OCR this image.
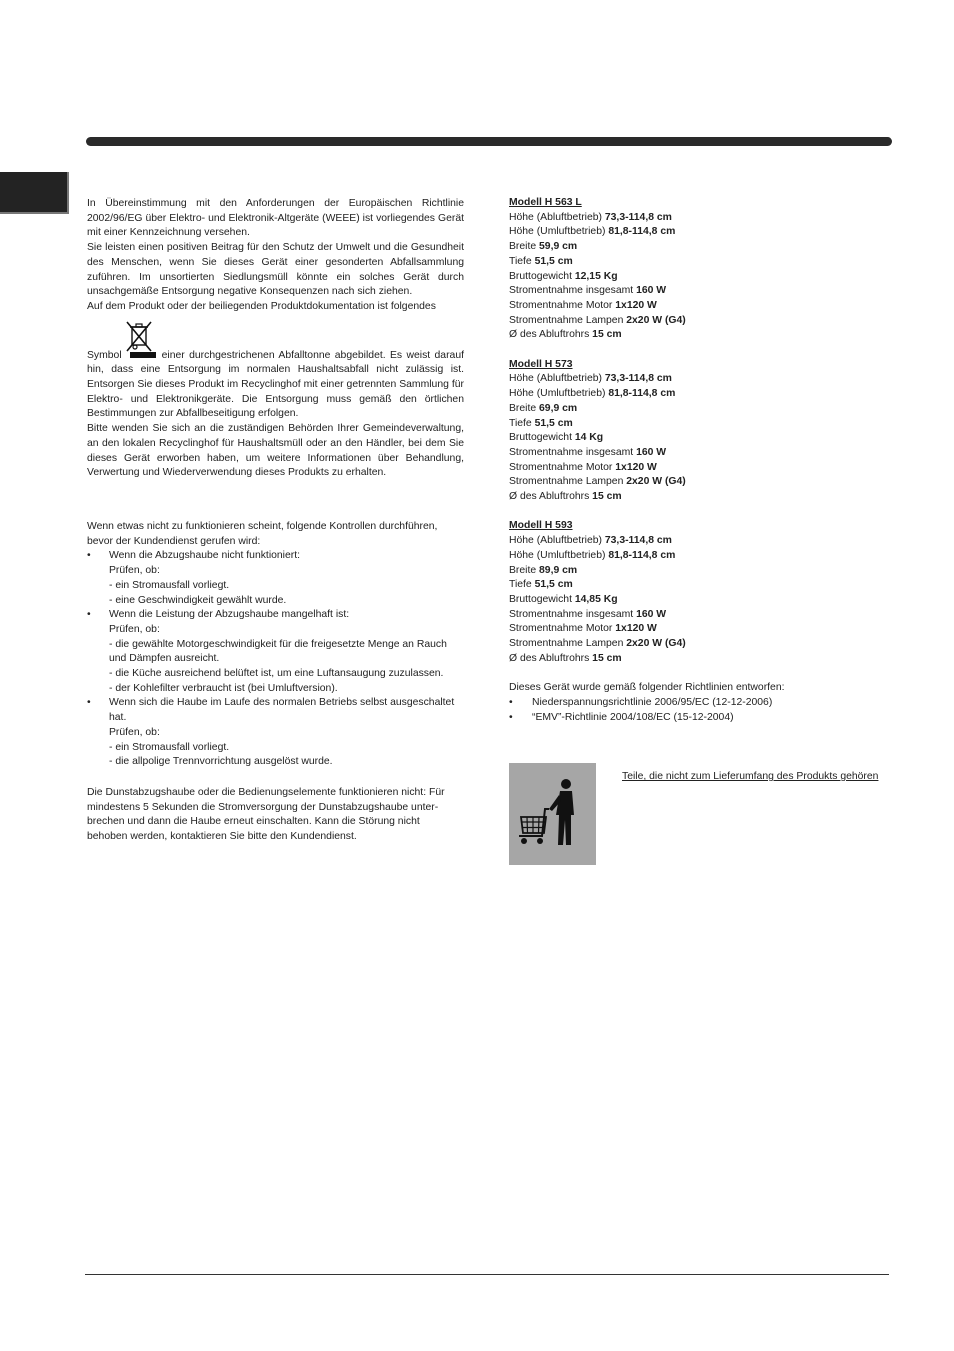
In Übereinstimmung mit den Anforderungen der Europäischen Richtlinie 2002/96/EG über Elektro- und Elektronik-Altgeräte (WEEE) ist vorliegendes Gerät mit einer Kennzeichnung versehen.

Sie leisten einen positiven Beitrag für den Schutz der Umwelt und die Gesundheit des Menschen, wenn Sie dieses Gerät einer gesonderten Abfallsammlung zuführen. Im unsortierten Siedlungsmüll könnte ein solches Gerät durch unsachgemäße Entsorgung negative Konsequenzen nach sich ziehen.

Auf dem Produkt oder der beiliegenden Produktdokumentation ist folgendes

Symbol	einer durchgestrichenen Abfalltonne abgebildet. Es weist darauf hin, dass eine Entsorgung im normalen Haushaltsabfall nicht zulässig ist. Entsorgen Sie dieses Produkt im Recyclinghof mit einer getrennten Sammlung für Elektro- und Elektronikgeräte. Die Entsorgung muss gemäß den örtlichen Bestimmungen zur Abfallbeseitigung erfolgen.

Bitte wenden Sie sich an die zuständigen Behörden Ihrer Gemeindeverwaltung, an den lokalen Recyclinghof für Haushaltsmüll oder an den Händler, bei dem Sie dieses Gerät erworben haben, um weitere Informationen über Behandlung, Verwertung und Wiederverwendung dieses Produkts zu erhalten.

Wenn etwas nicht zu funktionieren scheint, folgende Kontrollen durchführen,
bevor der Kundendienst gerufen wird:
• Wenn die Abzugshaube nicht funktioniert:
Prüfen, ob:
- ein Stromausfall vorliegt.
- eine Geschwindigkeit gewählt wurde.
• Wenn die Leistung der Abzugshaube mangelhaft ist:
Prüfen, ob:
- die gewählte Motorgeschwindigkeit für die freigesetzte Menge an Rauch
und Dämpfen ausreicht.
- die Küche ausreichend belüftet ist, um eine Luftansaugung zuzulassen.
- der Kohlefilter verbraucht ist (bei Umluftversion).
• Wenn sich die Haube im Laufe des normalen Betriebs selbst ausgeschaltet
hat.
Prüfen, ob:
- ein Stromausfall vorliegt.
- die allpolige Trennvorrichtung ausgelöst wurde.
Die Dunstabzugshaube oder die Bedienungselemente funktionieren nicht: Für
mindestens 5 Sekunden die Stromversorgung der Dunstabzugshaube unter-
brechen und dann die Haube erneut einschalten. Kann die Störung nicht
behoben werden, kontaktieren Sie bitte den Kundendienst.
Modell H 563 L
Höhe (Abluftbetrieb) 73,3-114,8 cm
Höhe (Umluftbetrieb) 81,8-114,8 cm
Breite 59,9 cm
Tiefe 51,5 cm
Bruttogewicht 12,15 Kg
Stromentnahme insgesamt 160 W
Stromentnahme Motor 1x120 W
Stromentnahme Lampen 2x20 W (G4)
Ø des Abluftrohrs 15 cm
Modell H 573
Höhe (Abluftbetrieb) 73,3-114,8 cm
Höhe (Umluftbetrieb) 81,8-114,8 cm
Breite 69,9 cm
Tiefe 51,5 cm
Bruttogewicht 14 Kg
Stromentnahme insgesamt 160 W
Stromentnahme Motor 1x120 W
Stromentnahme Lampen 2x20 W (G4)
Ø des Abluftrohrs 15 cm
Modell H 593
Höhe (Abluftbetrieb) 73,3-114,8 cm
Höhe (Umluftbetrieb) 81,8-114,8 cm
Breite 89,9 cm
Tiefe 51,5 cm
Bruttogewicht 14,85 Kg
Stromentnahme insgesamt 160 W
Stromentnahme Motor 1x120 W
Stromentnahme Lampen 2x20 W (G4)
Ø des Abluftrohrs 15 cm
Dieses Gerät wurde gemäß folgender Richtlinien entworfen:
• Niederspannungsrichtlinie 2006/95/EC (12-12-2006)
• “EMV”-Richtlinie 2004/108/EC (15-12-2004)
Teile, die nicht zum Lieferumfang des Produkts gehören
